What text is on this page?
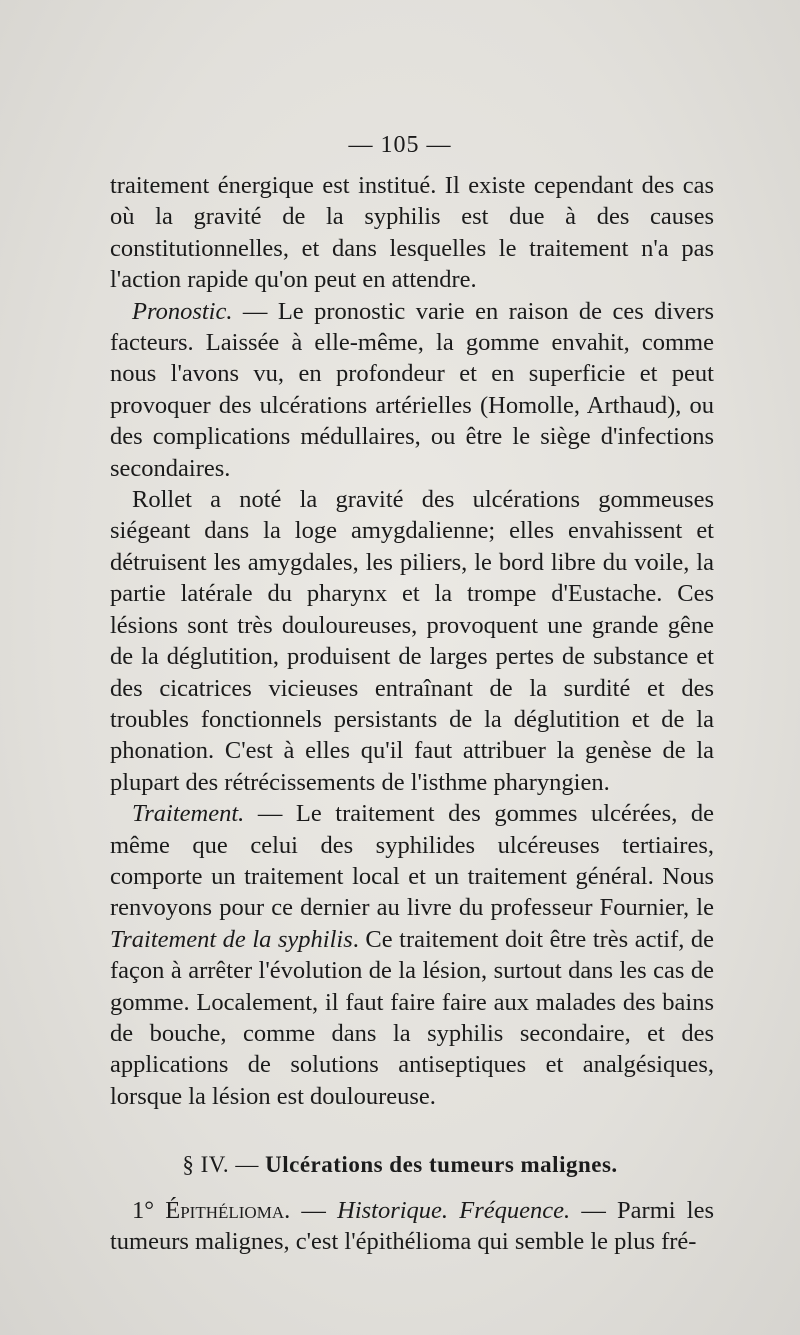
— 105 —

traitement énergique est institué. Il existe cependant des cas où la gravité de la syphilis est due à des causes constitutionnelles, et dans lesquelles le traitement n'a pas l'action rapide qu'on peut en attendre.

Pronostic. — Le pronostic varie en raison de ces divers facteurs. Laissée à elle-même, la gomme envahit, comme nous l'avons vu, en profondeur et en superficie et peut provoquer des ulcérations artérielles (Homolle, Arthaud), ou des complications médullaires, ou être le siège d'infections secondaires.

Rollet a noté la gravité des ulcérations gommeuses siégeant dans la loge amygdalienne; elles envahissent et détruisent les amygdales, les piliers, le bord libre du voile, la partie latérale du pharynx et la trompe d'Eustache. Ces lésions sont très douloureuses, provoquent une grande gêne de la déglutition, produisent de larges pertes de substance et des cicatrices vicieuses entraînant de la surdité et des troubles fonctionnels persistants de la déglutition et de la phonation. C'est à elles qu'il faut attribuer la genèse de la plupart des rétrécissements de l'isthme pharyngien.

Traitement. — Le traitement des gommes ulcérées, de même que celui des syphilides ulcéreuses tertiaires, comporte un traitement local et un traitement général. Nous renvoyons pour ce dernier au livre du professeur Fournier, le Traitement de la syphilis. Ce traitement doit être très actif, de façon à arrêter l'évolution de la lésion, surtout dans les cas de gomme. Localement, il faut faire faire aux malades des bains de bouche, comme dans la syphilis secondaire, et des applications de solutions antiseptiques et analgésiques, lorsque la lésion est douloureuse.

§ IV. — Ulcérations des tumeurs malignes.

1° Épithélioma. — Historique. Fréquence. — Parmi les tumeurs malignes, c'est l'épithélioma qui semble le plus fré-
